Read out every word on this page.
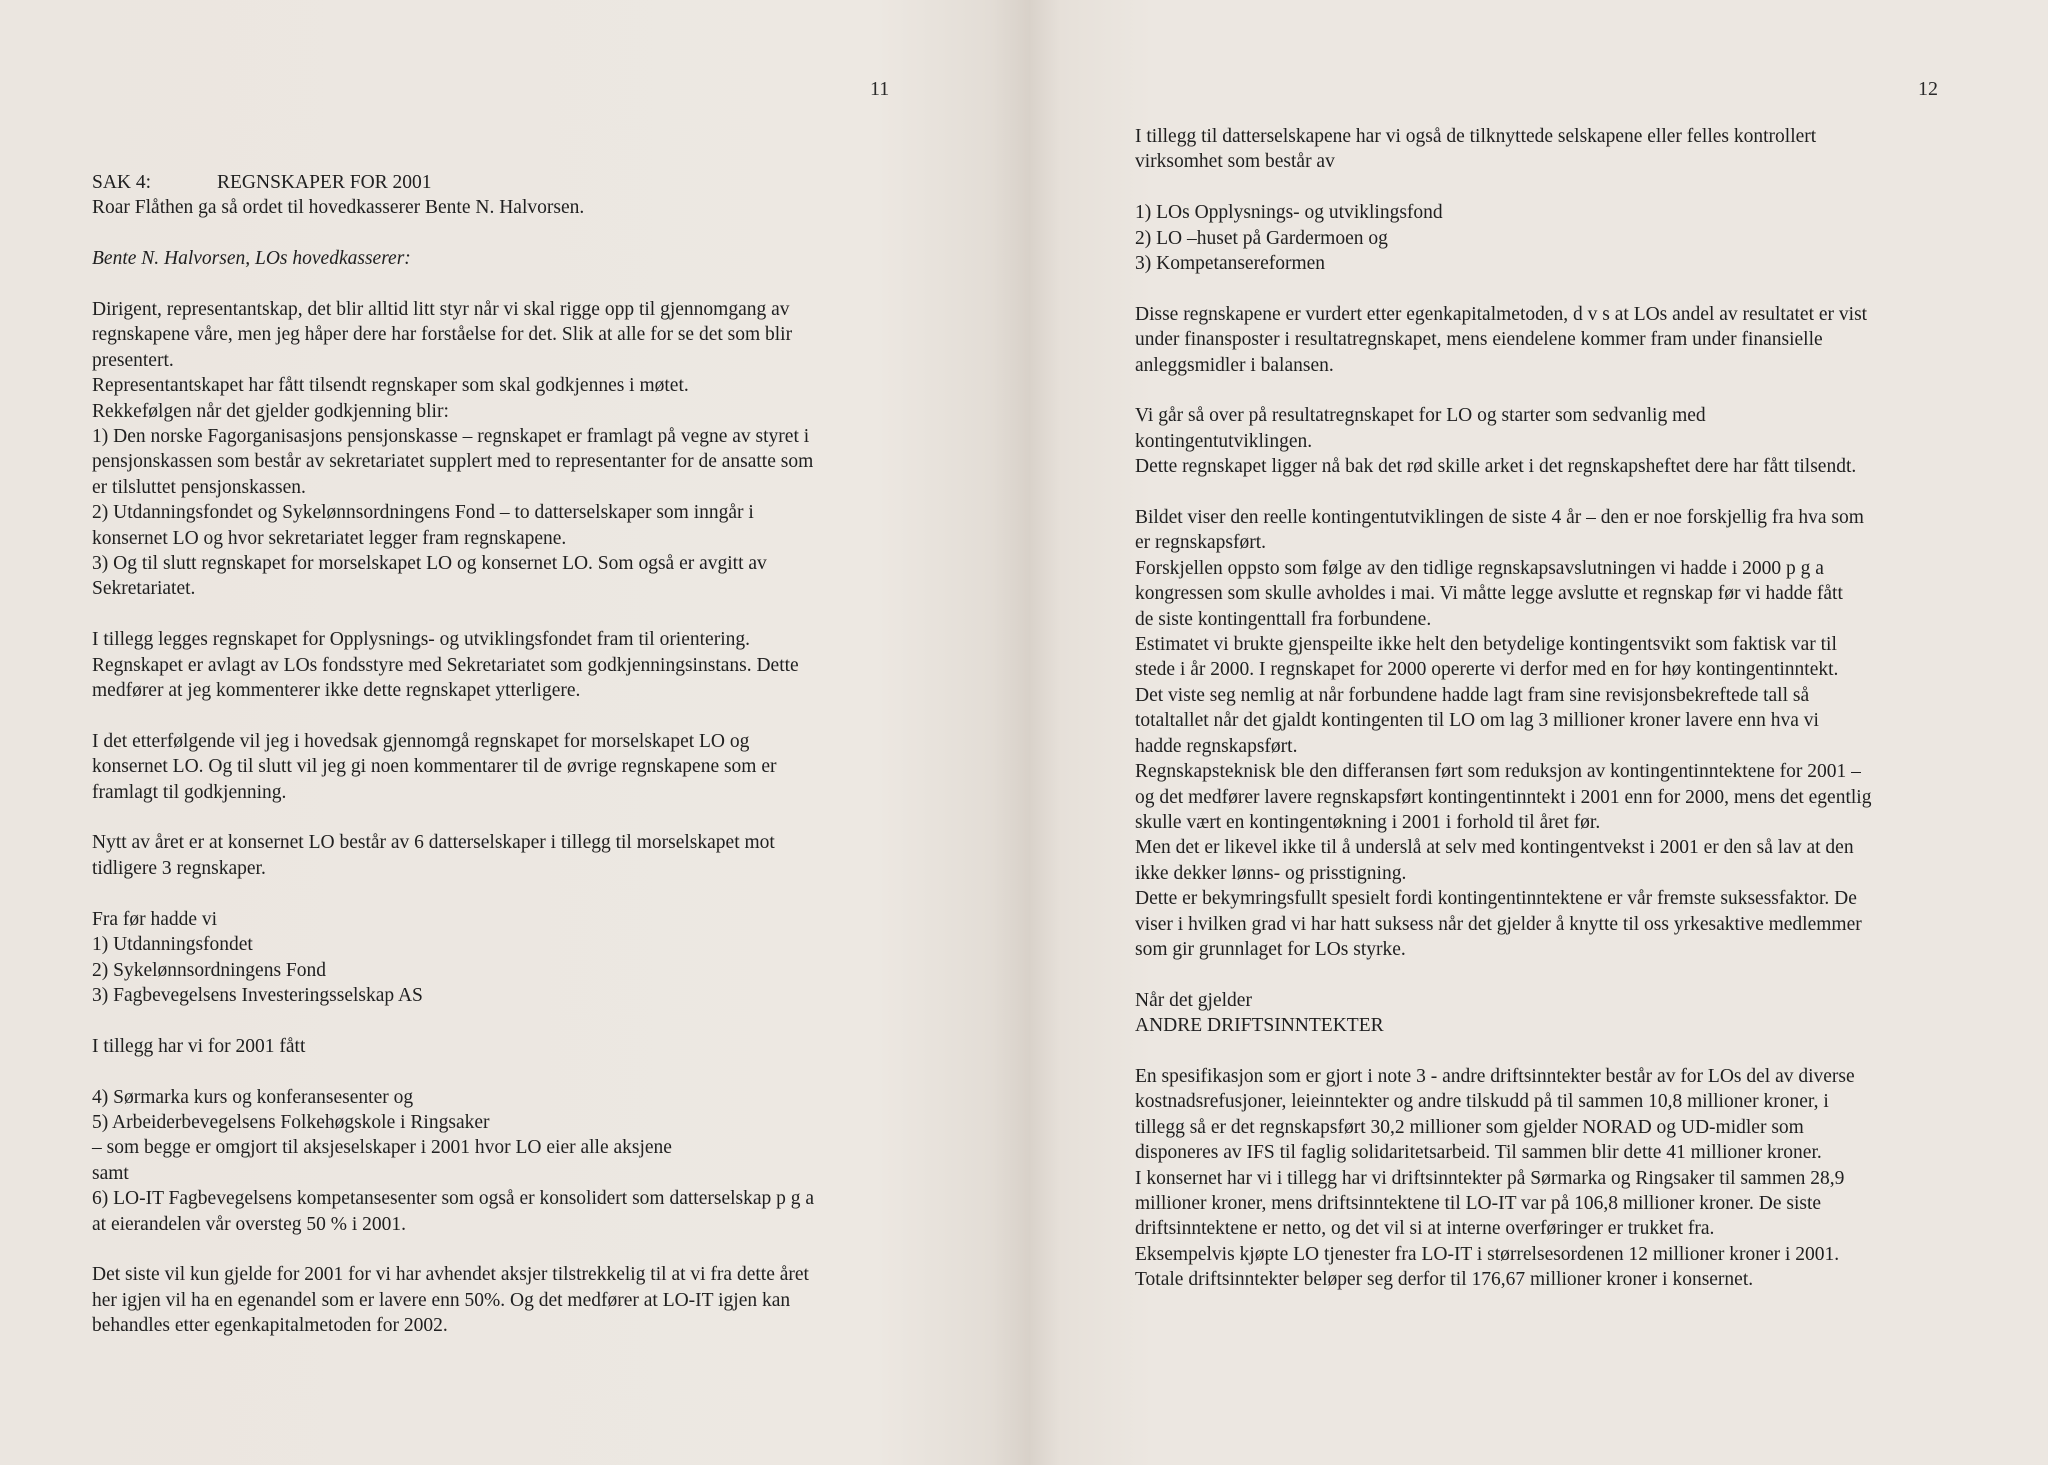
11
SAK 4:	REGNSKAPER FOR 2001

Roar Flåthen ga så ordet til hovedkasserer Bente N. Halvorsen.

Bente N. Halvorsen, LOs hovedkasserer:

Dirigent, representantskap, det blir alltid litt styr når vi skal rigge opp til gjennomgang av
regnskapene våre, men jeg håper dere har forståelse for det. Slik at alle for se det som blir
presentert.
Representantskapet har fått tilsendt regnskaper som skal godkjennes i møtet.
Rekkefølgen når det gjelder godkjenning blir:
1) Den norske Fagorganisasjons pensjonskasse – regnskapet er framlagt på vegne av styret i
pensjonskassen som består av sekretariatet supplert med to representanter for de ansatte som
er tilsluttet pensjonskassen.
2) Utdanningsfondet og Sykelønnsordningens Fond – to datterselskaper som inngår i
konsernet LO og hvor sekretariatet legger fram regnskapene.
3) Og til slutt regnskapet for morselskapet LO og konsernet LO. Som også er avgitt av
Sekretariatet.

I tillegg legges regnskapet for Opplysnings- og utviklingsfondet fram til orientering.
Regnskapet er avlagt av LOs fondsstyre med Sekretariatet som godkjenningsinstans. Dette
medfører at jeg kommenterer ikke dette regnskapet ytterligere.

I det etterfølgende vil jeg i hovedsak gjennomgå regnskapet for morselskapet LO og
konsernet LO. Og til slutt vil jeg gi noen kommentarer til de øvrige regnskapene som er
framlagt til godkjenning.

Nytt av året er at konsernet LO består av 6 datterselskaper i tillegg til morselskapet mot
tidligere 3 regnskaper.

Fra før hadde vi
1) Utdanningsfondet
2) Sykelønnsordningens Fond
3) Fagbevegelsens Investeringsselskap AS

I tillegg har vi for 2001 fått

4) Sørmarka kurs og konferansesenter og
5) Arbeiderbevegelsens Folkehøgskole i Ringsaker
– som begge er omgjort til aksjeselskaper i 2001 hvor LO eier alle aksjene
samt
6) LO-IT Fagbevegelsens kompetansesenter som også er konsolidert som datterselskap p g a
at eierandelen vår oversteg 50 % i 2001.

Det siste vil kun gjelde for 2001 for vi har avhendet aksjer tilstrekkelig til at vi fra dette året
her igjen vil ha en egenandel som er lavere enn 50%. Og det medfører at LO-IT igjen kan
behandles etter egenkapitalmetoden for 2002.

12

I tillegg til datterselskapene har vi også de tilknyttede selskapene eller felles kontrollert
virksomhet som består av

1) LOs Opplysnings- og utviklingsfond
2) LO –huset på Gardermoen og
3) Kompetansereformen

Disse regnskapene er vurdert etter egenkapitalmetoden, d v s at LOs andel av resultatet er vist
under finansposter i resultatregnskapet, mens eiendelene kommer fram under finansielle
anleggsmidler i balansen.

Vi går så over på resultatregnskapet for LO og starter som sedvanlig med
kontingentutviklingen.
Dette regnskapet ligger nå bak det rød skille arket i det regnskapsheftet dere har fått tilsendt.

Bildet viser den reelle kontingentutviklingen de siste 4 år – den er noe forskjellig fra hva som
er regnskapsført.
Forskjellen oppsto som følge av den tidlige regnskapsavslutningen vi hadde i 2000 p g a
kongressen som skulle avholdes i mai. Vi måtte legge avslutte et regnskap før vi hadde fått
de siste kontingenttall fra forbundene.
Estimatet vi brukte gjenspeilte ikke helt den betydelige kontingentsvikt som faktisk var til
stede i år 2000. I regnskapet for 2000 opererte vi derfor med en for høy kontingentinntekt.
Det viste seg nemlig at når forbundene hadde lagt fram sine revisjonsbekreftede tall så
totaltallet når det gjaldt kontingenten til LO om lag 3 millioner kroner lavere enn hva vi
hadde regnskapsført.
Regnskapsteknisk ble den differansen ført som reduksjon av kontingentinntektene for 2001 –
og det medfører lavere regnskapsført kontingentinntekt i 2001 enn for 2000, mens det egentlig
skulle vært en kontingentøkning i 2001 i forhold til året før.
Men det er likevel ikke til å underslå at selv med kontingentvekst i 2001 er den så lav at den
ikke dekker lønns- og prisstigning.
Dette er bekymringsfullt spesielt fordi kontingentinntektene er vår fremste suksessfaktor. De
viser i hvilken grad vi har hatt suksess når det gjelder å knytte til oss yrkesaktive medlemmer
som gir grunnlaget for LOs styrke.

Når det gjelder
ANDRE DRIFTSINNTEKTER

En spesifikasjon som er gjort i note 3 - andre driftsinntekter består av for LOs del av diverse
kostnadsrefusjoner, leieinntekter og andre tilskudd på til sammen 10,8 millioner kroner, i
tillegg så er det regnskapsført 30,2 millioner som gjelder NORAD og UD-midler som
disponeres av IFS til faglig solidaritetsarbeid. Til sammen blir dette 41 millioner kroner.
I konsernet har vi i tillegg har vi driftsinntekter på Sørmarka og Ringsaker til sammen 28,9
millioner kroner, mens driftsinntektene til LO-IT var på 106,8 millioner kroner. De siste
driftsinntektene er netto, og det vil si at interne overføringer er trukket fra.
Eksempelvis kjøpte LO tjenester fra LO-IT i størrelsesordenen 12 millioner kroner i 2001.
Totale driftsinntekter beløper seg derfor til 176,67 millioner kroner i konsernet.
